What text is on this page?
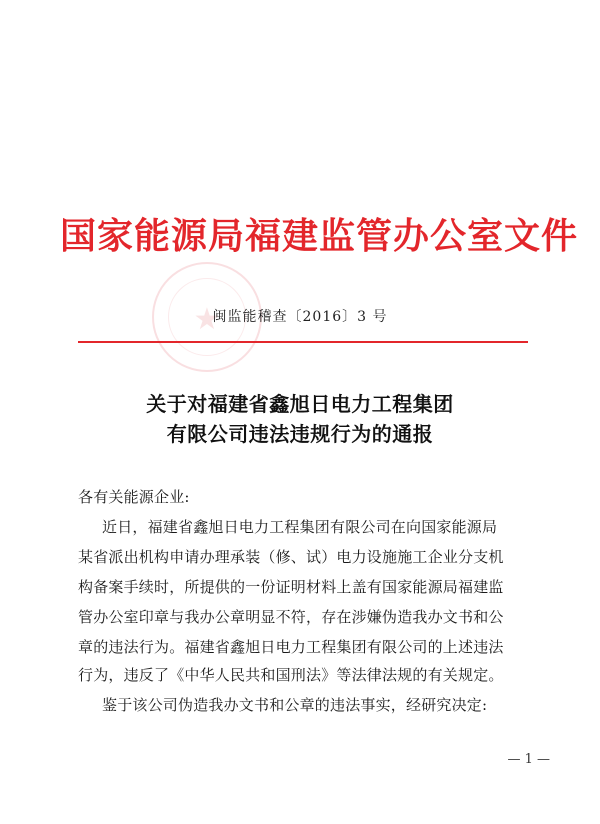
国家能源局福建监管办公室文件
★
闽监能稽查〔2016〕3 号
关于对福建省鑫旭日电力工程集团
有限公司违法违规行为的通报
各有关能源企业:
近日，福建省鑫旭日电力工程集团有限公司在向国家能源局
某省派出机构申请办理承装（修、试）电力设施施工企业分支机
构备案手续时，所提供的一份证明材料上盖有国家能源局福建监
管办公室印章与我办公章明显不符，存在涉嫌伪造我办文书和公
章的违法行为。福建省鑫旭日电力工程集团有限公司的上述违法
行为，违反了《中华人民共和国刑法》等法律法规的有关规定。
鉴于该公司伪造我办文书和公章的违法事实，经研究决定:
— 1 —
